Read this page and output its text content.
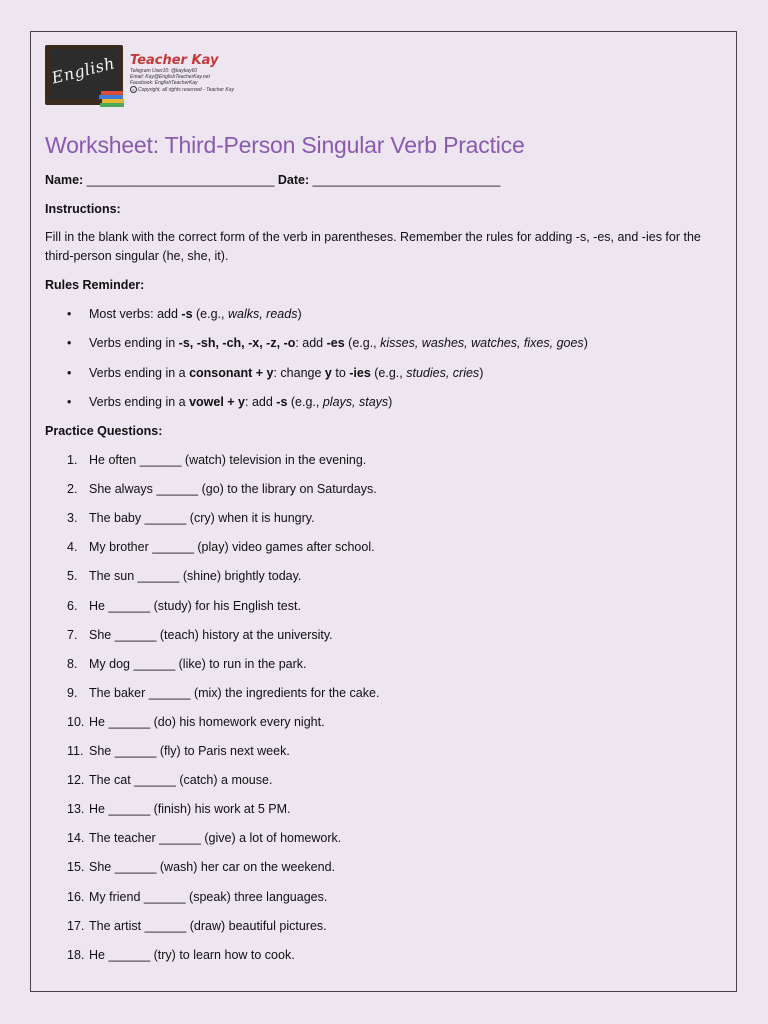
English Teacher Kay
Telegram User10: @kaykay60
Email: Kay@EnglishTeacherKay.net
Facebook: EnglishTeacherKay
c Copyright, all rights reserved - Teacher Kay
Worksheet: Third-Person Singular Verb Practice
Name: ___________________________ Date: ___________________________
Instructions:
Fill in the blank with the correct form of the verb in parentheses. Remember the rules for adding -s, -es, and -ies for the third-person singular (he, she, it).
Rules Reminder:
• Most verbs: add -s (e.g., walks, reads)
• Verbs ending in -s, -sh, -ch, -x, -z, -o: add -es (e.g., kisses, washes, watches, fixes, goes)
• Verbs ending in a consonant + y: change y to -ies (e.g., studies, cries)
• Verbs ending in a vowel + y: add -s (e.g., plays, stays)
Practice Questions:
1. He often ______ (watch) television in the evening.
2. She always ______ (go) to the library on Saturdays.
3. The baby ______ (cry) when it is hungry.
4. My brother ______ (play) video games after school.
5. The sun ______ (shine) brightly today.
6. He ______ (study) for his English test.
7. She ______ (teach) history at the university.
8. My dog ______ (like) to run in the park.
9. The baker ______ (mix) the ingredients for the cake.
10. He ______ (do) his homework every night.
11. She ______ (fly) to Paris next week.
12. The cat ______ (catch) a mouse.
13. He ______ (finish) his work at 5 PM.
14. The teacher ______ (give) a lot of homework.
15. She ______ (wash) her car on the weekend.
16. My friend ______ (speak) three languages.
17. The artist ______ (draw) beautiful pictures.
18. He ______ (try) to learn how to cook.
